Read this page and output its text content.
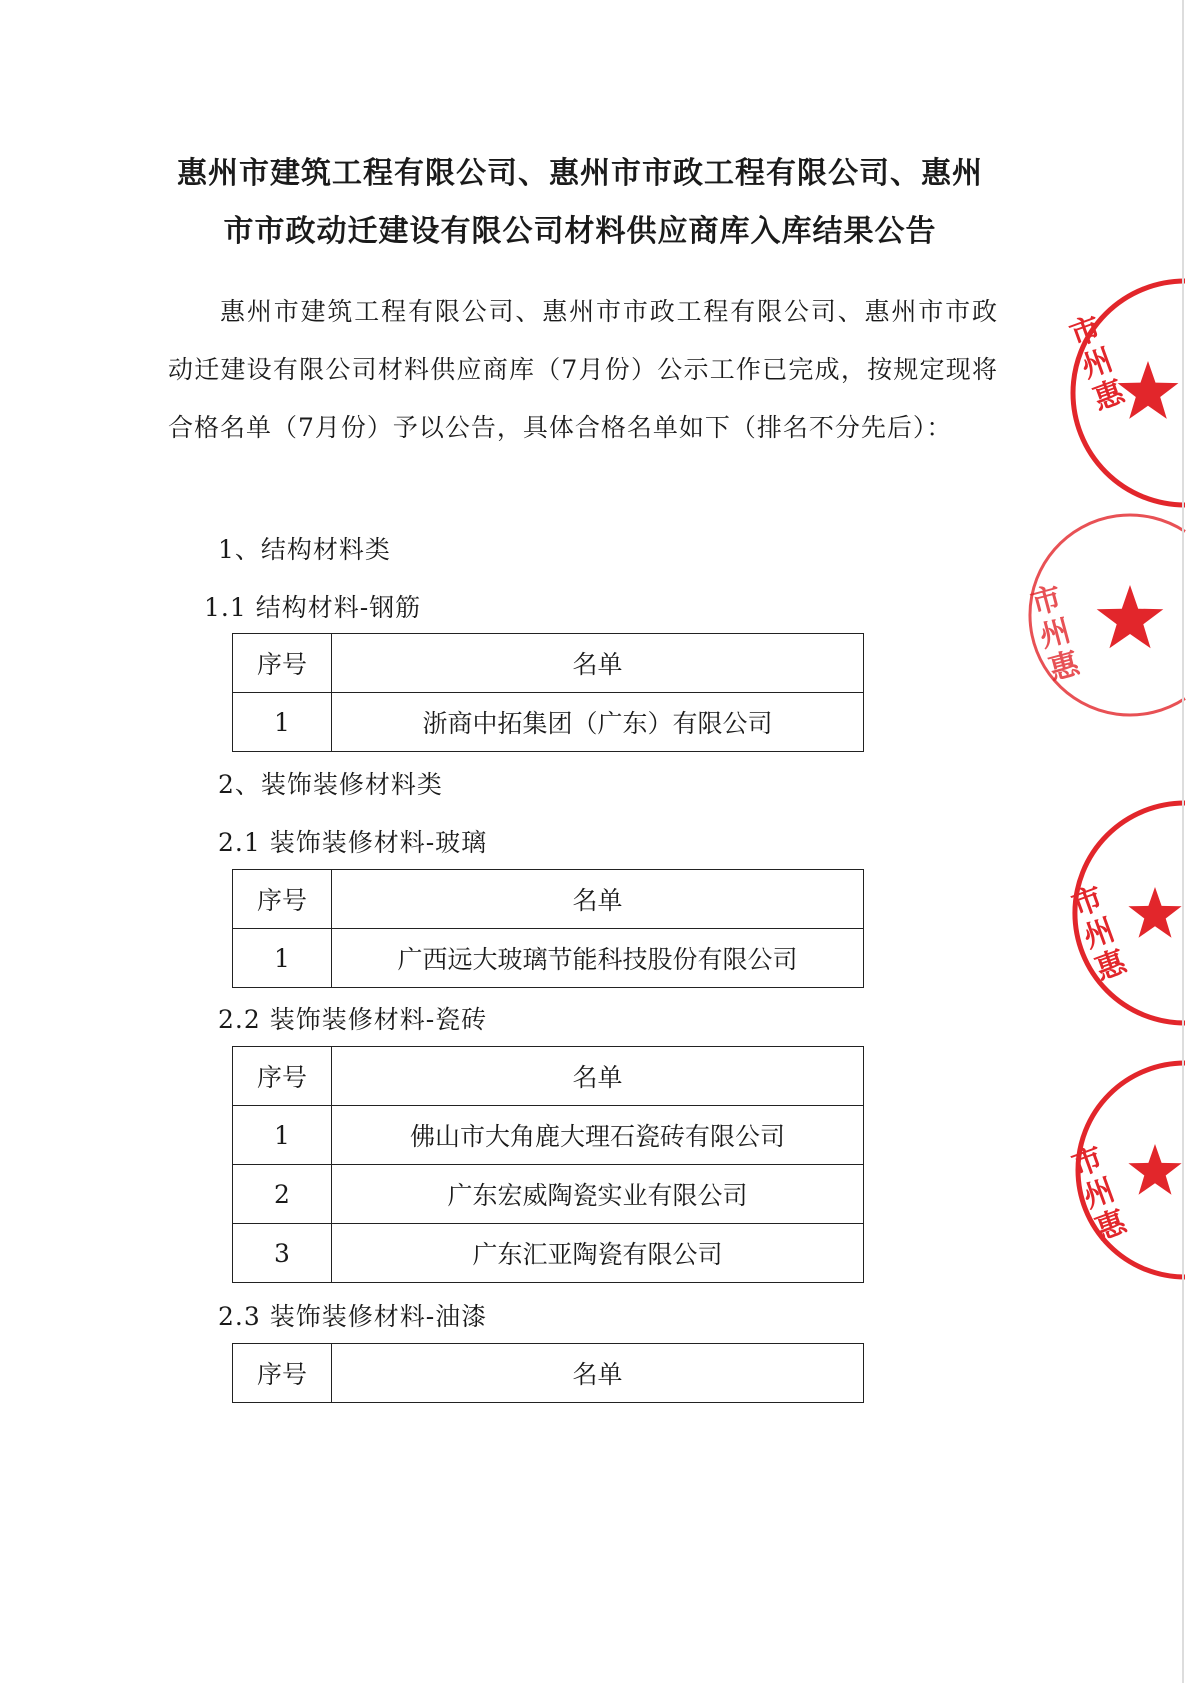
惠州市建筑工程有限公司、惠州市市政工程有限公司、惠州
市市政动迁建设有限公司材料供应商库入库结果公告
惠州市建筑工程有限公司、惠州市市政工程有限公司、惠州市市政动迁建设有限公司材料供应商库（7月份）公示工作已完成，按规定现将合格名单（7月份）予以公告，具体合格名单如下（排名不分先后）：
1、结构材料类
1.1 结构材料-钢筋
序号	名单
1	浙商中拓集团（广东）有限公司
2、装饰装修材料类
2.1 装饰装修材料-玻璃
序号	名单
1	广西远大玻璃节能科技股份有限公司
2.2 装饰装修材料-瓷砖
序号	名单
1	佛山市大角鹿大理石瓷砖有限公司
2	广东宏威陶瓷实业有限公司
3	广东汇亚陶瓷有限公司
2.3 装饰装修材料-油漆
序号	名单
惠州市
惠州市
惠州市
惠州市
